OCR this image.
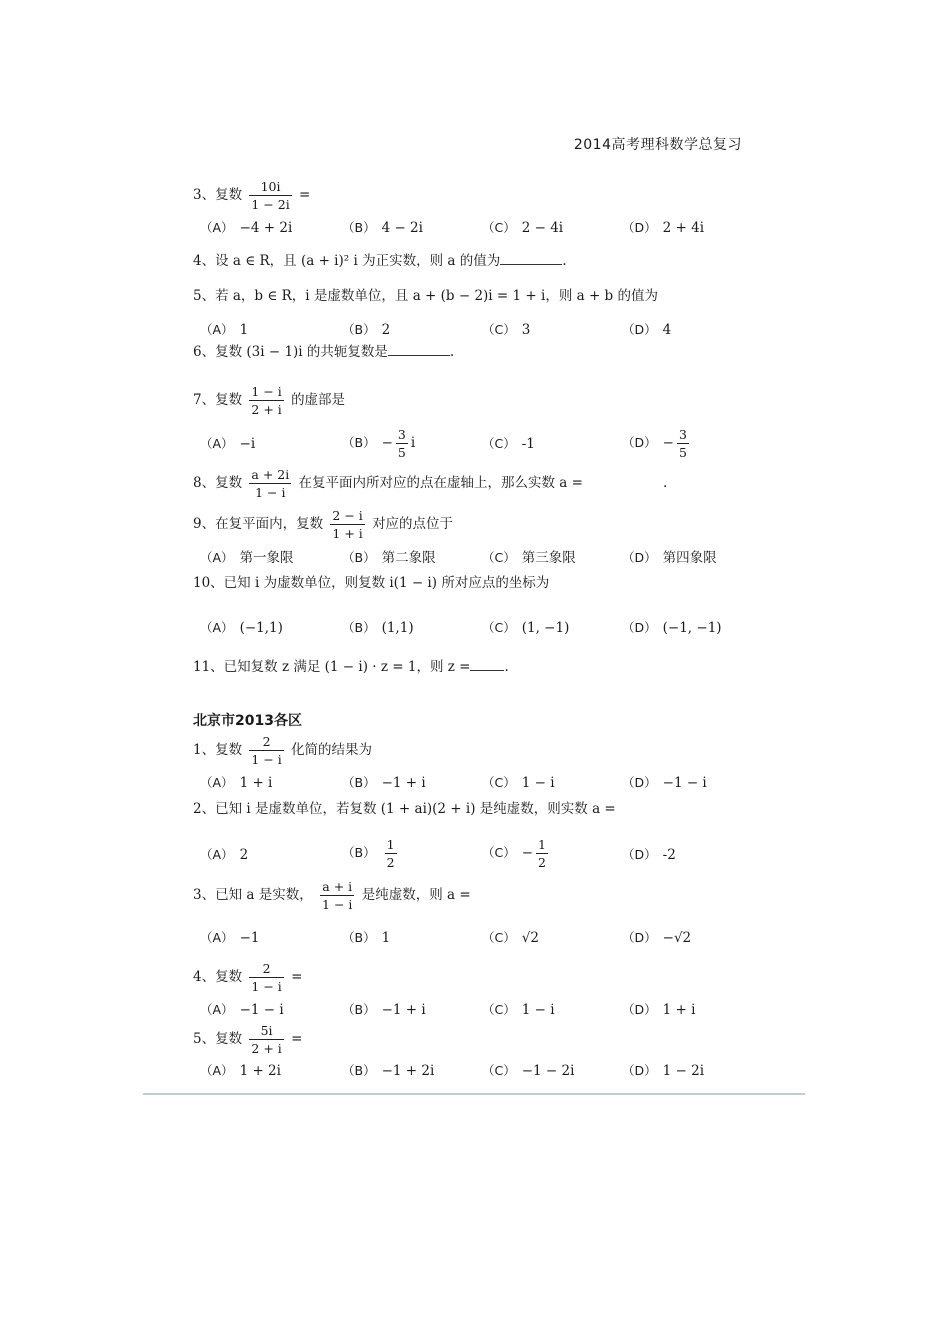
2014高考理科数学总复习
3、复数 $\frac{10i}{1 - 2i}$ =
（A） −4 + 2i	（B） 4 − 2i	（C） 2 − 4i	（D） 2 + 4i
4、设 a ∈ R，且 (a + i)² i 为正实数，则 a 的值为	.
5、若 a，b ∈ R，i 是虚数单位，且 a + (b − 2)i = 1 + i，则 a + b 的值为
（A） 1	（B） 2	（C） 3	（D） 4
6、复数 (3i − 1)i 的共轭复数是	.
7、复数 $\frac{1 - i}{2 + i}$ 的虚部是
（A） −i	$(B) - \frac{3}{5}$ i	（C） -1	$(D) - \frac{3}{5}$
8、复数 $\frac{a + 2i}{1 - i}$ 在复平面内所对应的点在虚轴上，那么实数 a =	.
9、在复平面内，复数 $\frac{2 - i}{1 + i}$ 对应的点位于
（A） 第一象限	（B） 第二象限	（C） 第三象限	（D） 第四象限
10、已知 i 为虚数单位，则复数 i(1 − i) 所对应点的坐标为
（A） (−1,1)	（B） (1,1)	（C） (1, −1)	（D） (−1, −1)
11、已知复数 z 满足 (1 − i) · z = 1，则 z =	.
北京市2013各区
1、复数 $\frac{2}{1 - i}$ 化简的结果为
（A） 1 + i	（B） −1 + i	（C） 1 − i	（D） −1 − i
2、已知 i 是虚数单位，若复数 (1 + ai)(2 + i) 是纯虚数，则实数 a =
（A） 2	$(B) \frac{1}{2}$	$(C) - \frac{1}{2}$	（D） -2
3、已知 a 是实数， $\frac{a + i}{1 - i}$ 是纯虚数，则 a =
（A） −1	（B） 1	（C） √2	（D） −√2
4、复数 $\frac{2}{1 - i}$ =
（A） −1 − i	（B） −1 + i	（C） 1 − i	（D） 1 + i
5、复数 $\frac{5i}{2 + i}$ =
（A） 1 + 2i	（B） −1 + 2i	（C） −1 − 2i	（D） 1 − 2i
